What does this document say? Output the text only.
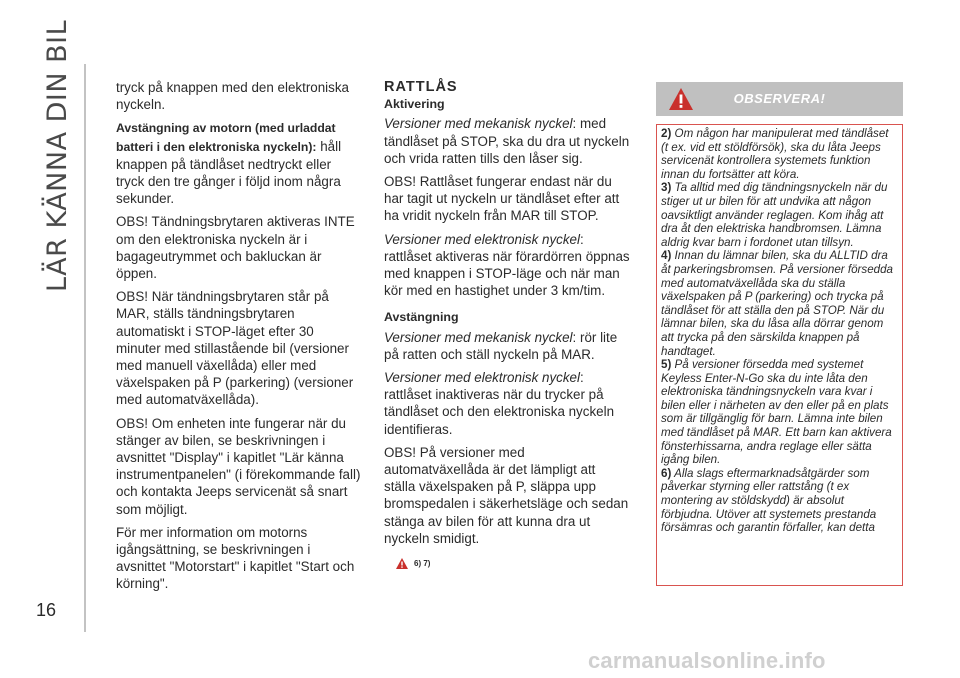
LÄR KÄNNA DIN BIL
16

tryck på knappen med den elektroniska nyckeln.

Avstängning av motorn (med urladdat batteri i den elektroniska nyckeln): håll knappen på tändlåset nedtryckt eller tryck den tre gånger i följd inom några sekunder.

OBS! Tändningsbrytaren aktiveras INTE om den elektroniska nyckeln är i bagageutrymmet och bakluckan är öppen.

OBS! När tändningsbrytaren står på MAR, ställs tändningsbrytaren automatiskt i STOP-läget efter 30 minuter med stillastående bil (versioner med manuell växellåda) eller med växelspaken på P (parkering) (versioner med automatväxellåda).

OBS! Om enheten inte fungerar när du stänger av bilen, se beskrivningen i avsnittet "Display" i kapitlet "Lär känna instrumentpanelen" (i förekommande fall) och kontakta Jeeps servicenät så snart som möjligt.

För mer information om motorns igångsättning, se beskrivningen i avsnittet "Motorstart" i kapitlet "Start och körning".

RATTLÅS
Aktivering

Versioner med mekanisk nyckel: med tändlåset på STOP, ska du dra ut nyckeln och vrida ratten tills den låser sig.

OBS! Rattlåset fungerar endast när du har tagit ut nyckeln ur tändlåset efter att ha vridit nyckeln från MAR till STOP.

Versioner med elektronisk nyckel: rattlåset aktiveras när förardörren öppnas med knappen i STOP-läge och när man kör med en hastighet under 3 km/tim.

Avstängning

Versioner med mekanisk nyckel: rör lite på ratten och ställ nyckeln på MAR.

Versioner med elektronisk nyckel: rattlåset inaktiveras när du trycker på tändlåset och den elektroniska nyckeln identifieras.

OBS! På versioner med automatväxellåda är det lämpligt att ställa växelspaken på P, släppa upp bromspedalen i säkerhetsläge och sedan stänga av bilen för att kunna dra ut nyckeln smidigt.

6) 7)
OBSERVERA!

2) Om någon har manipulerat med tändlåset (t ex. vid ett stöldförsök), ska du låta Jeeps servicenät kontrollera systemets funktion innan du fortsätter att köra.

3) Ta alltid med dig tändningsnyckeln när du stiger ut ur bilen för att undvika att någon oavsiktligt använder reglagen. Kom ihåg att dra åt den elektriska handbromsen. Lämna aldrig kvar barn i fordonet utan tillsyn.

4) Innan du lämnar bilen, ska du ALLTID dra åt parkeringsbromsen. På versioner försedda med automatväxellåda ska du ställa växelspaken på P (parkering) och trycka på tändlåset för att ställa den på STOP. När du lämnar bilen, ska du låsa alla dörrar genom att trycka på den särskilda knappen på handtaget.

5) På versioner försedda med systemet Keyless Enter-N-Go ska du inte låta den elektroniska tändningsnyckeln vara kvar i bilen eller i närheten av den eller på en plats som är tillgänglig för barn. Lämna inte bilen med tändlåset på MAR. Ett barn kan aktivera fönsterhissarna, andra reglage eller sätta igång bilen.

6) Alla slags eftermarknadsåtgärder som påverkar styrning eller rattstång (t ex montering av stöldskydd) är absolut förbjudna. Utöver att systemets prestanda försämras och garantin förfaller, kan detta

carmanualsonline.info
